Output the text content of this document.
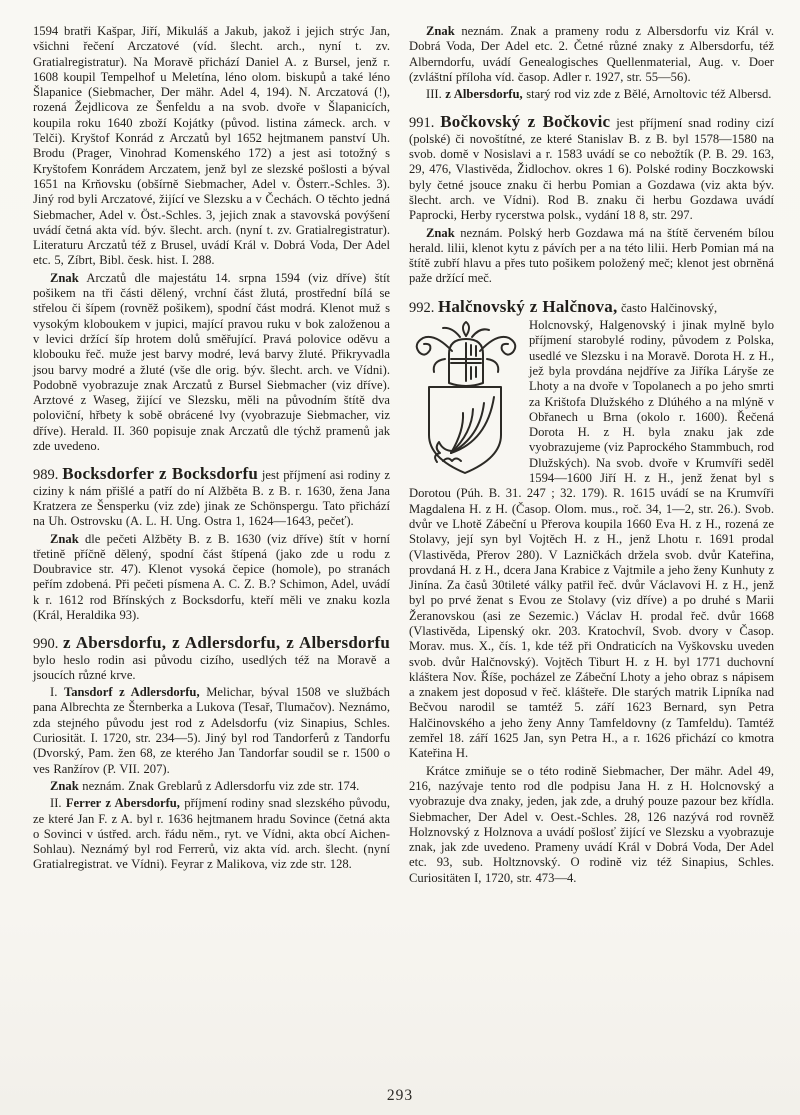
1594 bratři Kašpar, Jiří, Mikuláš a Jakub, jakož i jejich strýc Jan, všichni řečení Arczatové (víd. šlecht. arch., nyní t. zv. Gratialregistratur). Na Moravě přichází Daniel A. z Bursel, jenž r. 1608 koupil Tempelhof u Meletína, léno olom. biskupů a také léno Šlapanice (Siebmacher, Der mähr. Adel 4, 194). N. Arczatová (!), rozená Žejdlicova ze Šenfeldu a na svob. dvoře v Šlapanicích, koupila roku 1640 zboží Kojátky (původ. listina zámeck. arch. v Telči). Kryštof Konrád z Arczatů byl 1652 hejtmanem panství Uh. Brodu (Prager, Vinohrad Komenského 172) a jest asi totožný s Kryštofem Konrádem Arczatem, jenž byl ze slezské pošlosti a býval 1651 na Krňovsku (obšírně Siebmacher, Adel v. Österr.-Schles. 3). Jiný rod byli Arczatové, žijící ve Slezsku a v Čechách. O těchto jedná Siebmacher, Adel v. Öst.-Schles. 3, jejich znak a stavovská povýšení uvádí četná akta víd. býv. šlecht. arch. (nyní t. zv. Gratialregistratur). Literaturu Arczatů též z Brusel, uvádí Král v. Dobrá Voda, Der Adel etc. 5, Zíbrt, Bibl. česk. hist. I. 288.

Znak Arczatů dle majestátu 14. srpna 1594 (viz dříve) štít pošikem na tři části dělený, vrchní část žlutá, prostřední bílá se střelou či šípem (rovněž pošikem), spodní část modrá. Klenot muž s vysokým kloboukem v jupici, mající pravou ruku v bok založenou a v levici držící šíp hrotem dolů směřující. Pravá polovice oděvu a klobouku řeč. muže jest barvy modré, levá barvy žluté. Přikryvadla jsou barvy modré a žluté (vše dle orig. býv. šlecht. arch. ve Vídni). Podobně vyobrazuje znak Arczatů z Bursel Siebmacher (viz dříve). Arztové z Waseg, žijící ve Slezsku, měli na původním štítě dva poloviční, hřbety k sobě obrácené lvy (vyobrazuje Siebmacher, viz dříve). Herald. II. 360 popisuje znak Arczatů dle týchž pramenů jak zde uvedeno.

989. Bocksdorfer z Bocksdorfu jest příjmení asi rodiny z ciziny k nám přišlé a patří do ní Alžběta B. z B. r. 1630, žena Jana Kratzera ze Šensperku (viz zde) jinak ze Schönspergu. Tato přichází na Uh. Ostrovsku (A. L. H. Ung. Ostra 1, 1624—1643, pečeť).

Znak dle pečeti Alžběty B. z B. 1630 (viz dříve) štít v horní třetině příčně dělený, spodní část štípená (jako zde u rodu z Doubravice str. 47). Klenot vysoká čepice (homole), po stranách peřím zdobená. Při pečeti písmena A. C. Z. B.? Schimon, Adel, uvádí k r. 1612 rod Břínských z Bocksdorfu, kteří měli ve znaku kozla (Král, Heraldika 93).

990. z Abersdorfu, z Adlersdorfu, z Albersdorfu bylo heslo rodin asi původu cizího, usedlých též na Moravě a jsoucích různé krve.

I. Tansdorf z Adlersdorfu, Melichar, býval 1508 ve službách pana Albrechta ze Šternberka a Lukova (Tesař, Tlumačov). Neznámo, zda stejného původu jest rod z Adelsdorfu (viz Sinapius, Schles. Curiosität. I. 1720, str. 234—5). Jiný byl rod Tandorferů z Tandorfu (Dvorský, Pam. žen 68, ze kterého Jan Tandorfar soudil se r. 1500 o ves Ranžírov (P. VII. 207).

Znak neznám. Znak Greblarů z Adlersdorfu viz zde str. 174.

II. Ferrer z Abersdorfu, příjmení rodiny snad slezského původu, ze které Jan F. z A. byl r. 1636 hejtmanem hradu Sovince (četná akta o Sovinci v ústřed. arch. řádu něm., ryt. ve Vídni, akta obcí Aichen-Sohlau). Neznámý byl rod Ferrerů, viz akta víd. arch. šlecht. (nyní Gratialregistrat. ve Vídni). Feyrar z Malikova, viz zde str. 128.

Znak neznám. Znak a prameny rodu z Albersdorfu viz Král v. Dobrá Voda, Der Adel etc. 2. Četné různé znaky z Albersdorfu, též Alberndorfu, uvádí Genealogisches Quellenmaterial, Aug. v. Doer (zvláštní příloha víd. časop. Adler r. 1927, str. 55—56).

III. z Albersdorfu, starý rod viz zde z Bělé, Arnoltovic též Albersd.

991. Bočkovský z Bočkovic jest příjmení snad rodiny cizí (polské) či novoštítné, ze které Stanislav B. z B. byl 1578—1580 na svob. domě v Nosislavi a r. 1583 uvádí se co nebožtík (P. B. 29. 163, 29, 476, Vlastivěda, Židlochov. okres 1 6). Polské rodiny Boczkowski byly četné jsouce znaku či herbu Pomian a Gozdawa (viz akta býv. šlecht. arch. ve Vídni). Rod B. znaku či herbu Gozdawa uvádí Paprocki, Herby rycerstwa polsk., vydání 18 8, str. 297.

Znak neznám. Polský herb Gozdawa má na štítě červeném bílou herald. lilii, klenot kytu z pávích per a na této lilii. Herb Pomian má na štítě zubří hlavu a přes tuto pošikem položený meč; klenot jest obrněná paže držící meč.

992. Halčnovský z Halčnova, často Halčinovský,

Holcnovský, Halgenovský i jinak mylně bylo příjmení starobylé rodiny, původem z Polska, usedlé ve Slezsku i na Moravě. Dorota H. z H., jež byla provdána nejdříve za Jiříka Láryše ze Lhoty a na dvoře v Topolanech a po jeho smrti za Krištofa Dlužského z Dlúhého a na mlýně v Obřanech u Brna (okolo r. 1600). Řečená Dorota H. z H. byla znaku jak zde vyobrazujeme (viz Paprockého Stammbuch, rod Dlužských). Na svob. dvoře v Krumvíři seděl 1594—1600 Jiří H. z H., jenž ženat byl s Dorotou (Púh. B. 31. 247 ; 32. 179). R. 1615 uvádí se na Krumvíři Magdalena H. z H. (Časop. Olom. mus., roč. 34, 1—2, str. 26.). Svob. dvůr ve Lhotě Zábeční u Přerova koupila 1660 Eva H. z H., rozená ze Stolavy, její syn byl Vojtěch H. z H., jenž Lhotu r. 1691 prodal (Vlastivěda, Přerov 280). V Lazničkách držela svob. dvůr Kateřina, provdaná H. z H., dcera Jana Krabice z Vajtmile a jeho ženy Kunhuty z Jinína. Za časů 30tileté války patřil řeč. dvůr Václavovi H. z H., jenž byl po prvé ženat s Evou ze Stolavy (viz dříve) a po druhé s Marii Žeranovskou (asi ze Sezemic.) Václav H. prodal řeč. dvůr 1668 (Vlastivěda, Lipenský okr. 203. Kratochvíl, Svob. dvory v Časop. Morav. mus. X., čís. 1, kde též při Ondraticích na Vyškovsku uveden svob. dvůr Halčnovský). Vojtěch Tiburt H. z H. byl 1771 duchovní kláštera Nov. Říše, pocházel ze Zábeční Lhoty a jeho obraz s nápisem a znakem jest doposud v řeč. klášteře. Dle starých matrik Lipníka nad Bečvou narodil se tamtéž 5. září 1623 Bernard, syn Petra Halčinovského a jeho ženy Anny Tamfeldovny (z Tamfeldu). Tamtéž zemřel 18. září 1625 Jan, syn Petra H., a r. 1626 přichází co kmotra Kateřina H.

Krátce zmiňuje se o této rodině Siebmacher, Der mähr. Adel 49, 216, nazývaje tento rod dle podpisu Jana H. z H. Holcnovský a vyobrazuje dva znaky, jeden, jak zde, a druhý pouze pazour bez křídla. Siebmacher, Der Adel v. Oest.-Schles. 28, 126 nazývá rod rovněž Holznovský z Holznova a uvádí pošlosť žijící ve Slezsku a vyobrazuje znak, jak zde uvedeno. Prameny uvádí Král v Dobrá Voda, Der Adel etc. 93, sub. Holtznovský. O rodině viz též Sinapius, Schles. Curiositäten I, 1720, str. 473—4.

293
